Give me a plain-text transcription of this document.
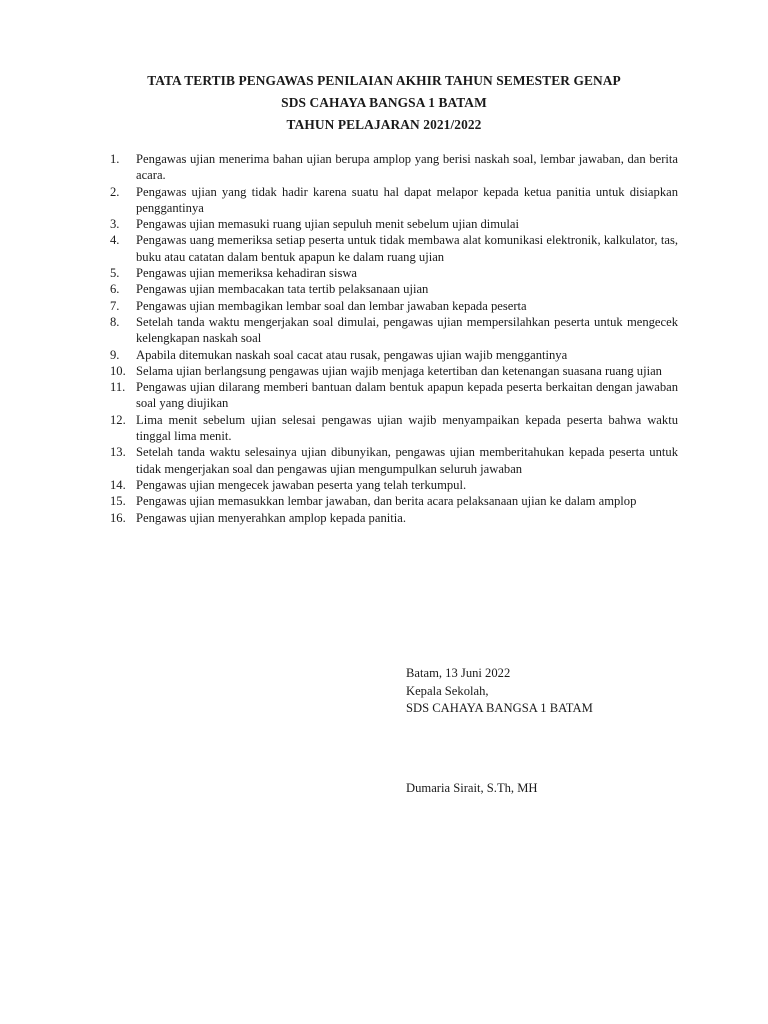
TATA TERTIB PENGAWAS PENILAIAN AKHIR TAHUN SEMESTER GENAP
SDS CAHAYA BANGSA 1 BATAM
TAHUN PELAJARAN 2021/2022
1. Pengawas ujian menerima bahan ujian berupa amplop yang berisi naskah soal, lembar jawaban, dan berita acara.
2. Pengawas ujian yang tidak hadir karena suatu hal dapat melapor kepada ketua panitia untuk disiapkan penggantinya
3. Pengawas ujian memasuki ruang ujian sepuluh menit sebelum ujian dimulai
4. Pengawas uang memeriksa setiap peserta untuk tidak membawa alat komunikasi elektronik, kalkulator, tas, buku atau catatan dalam bentuk apapun ke dalam ruang ujian
5. Pengawas ujian memeriksa kehadiran siswa
6. Pengawas ujian membacakan tata tertib pelaksanaan ujian
7. Pengawas ujian membagikan lembar soal dan lembar jawaban kepada peserta
8. Setelah tanda waktu mengerjakan soal dimulai, pengawas ujian mempersilahkan peserta untuk mengecek kelengkapan naskah soal
9. Apabila ditemukan naskah soal cacat atau rusak, pengawas ujian wajib menggantinya
10. Selama ujian berlangsung pengawas ujian wajib menjaga ketertiban dan ketenangan suasana ruang ujian
11. Pengawas ujian dilarang memberi bantuan dalam bentuk apapun kepada peserta berkaitan dengan jawaban soal yang diujikan
12. Lima menit sebelum ujian selesai pengawas ujian wajib menyampaikan kepada peserta bahwa waktu tinggal lima menit.
13. Setelah tanda waktu selesainya ujian dibunyikan, pengawas ujian memberitahukan kepada peserta untuk tidak mengerjakan soal dan pengawas ujian mengumpulkan seluruh jawaban
14. Pengawas ujian mengecek jawaban peserta yang telah terkumpul.
15. Pengawas ujian memasukkan lembar jawaban, dan berita acara pelaksanaan ujian ke dalam amplop
16. Pengawas ujian menyerahkan amplop kepada panitia.
Batam, 13 Juni 2022
Kepala Sekolah,
SDS CAHAYA BANGSA 1 BATAM
Dumaria Sirait, S.Th, MH
